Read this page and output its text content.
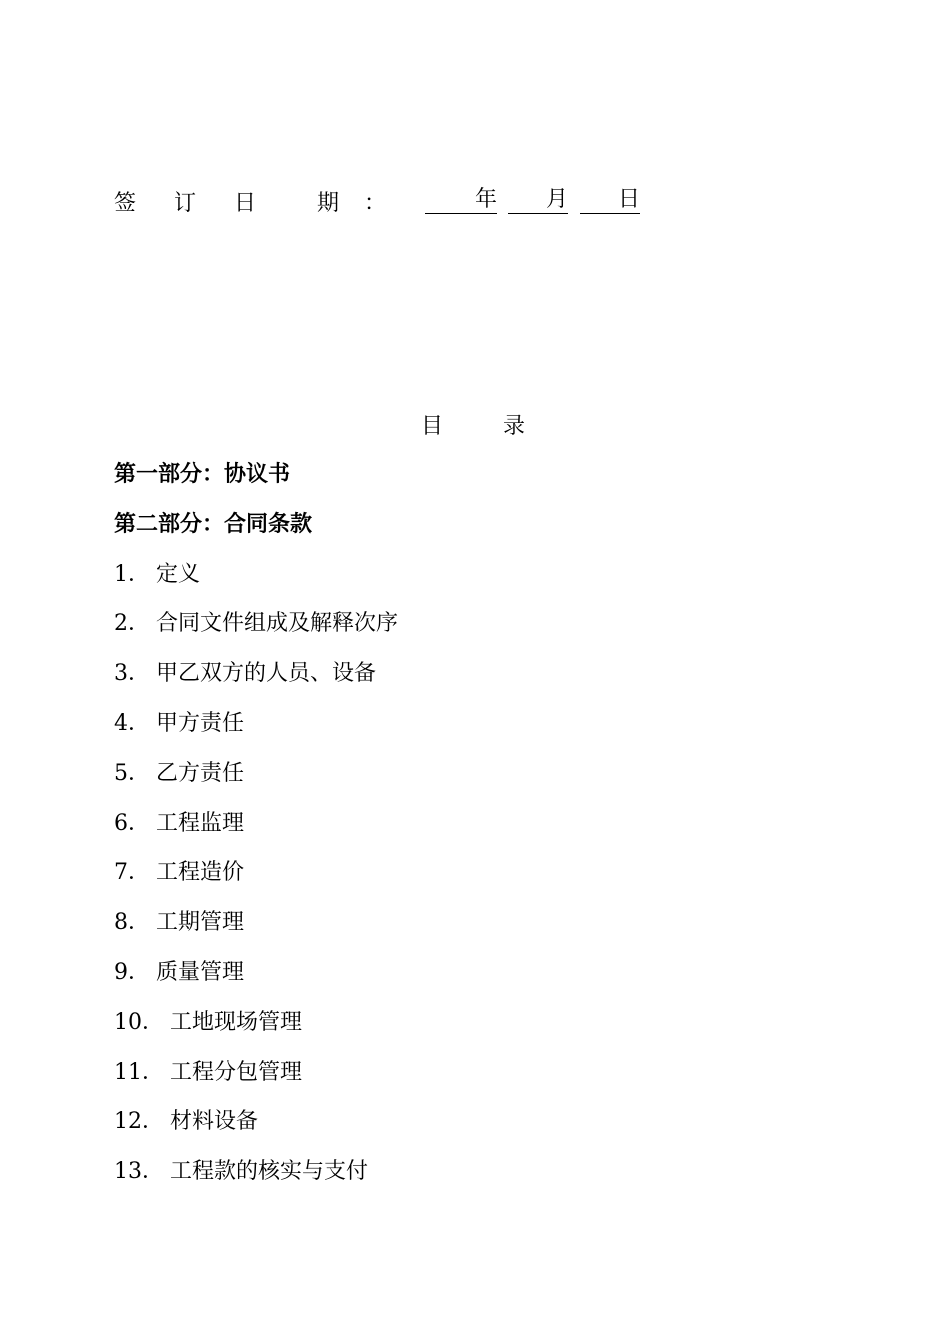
签 订 日	期 ：	年	月	日
目	录
第一部分：协议书
第二部分：合同条款
1． 定义
2． 合同文件组成及解释次序
3． 甲乙双方的人员、设备
4． 甲方责任
5． 乙方责任
6． 工程监理
7． 工程造价
8． 工期管理
9． 质量管理
10． 工地现场管理
11． 工程分包管理
12． 材料设备
13． 工程款的核实与支付
